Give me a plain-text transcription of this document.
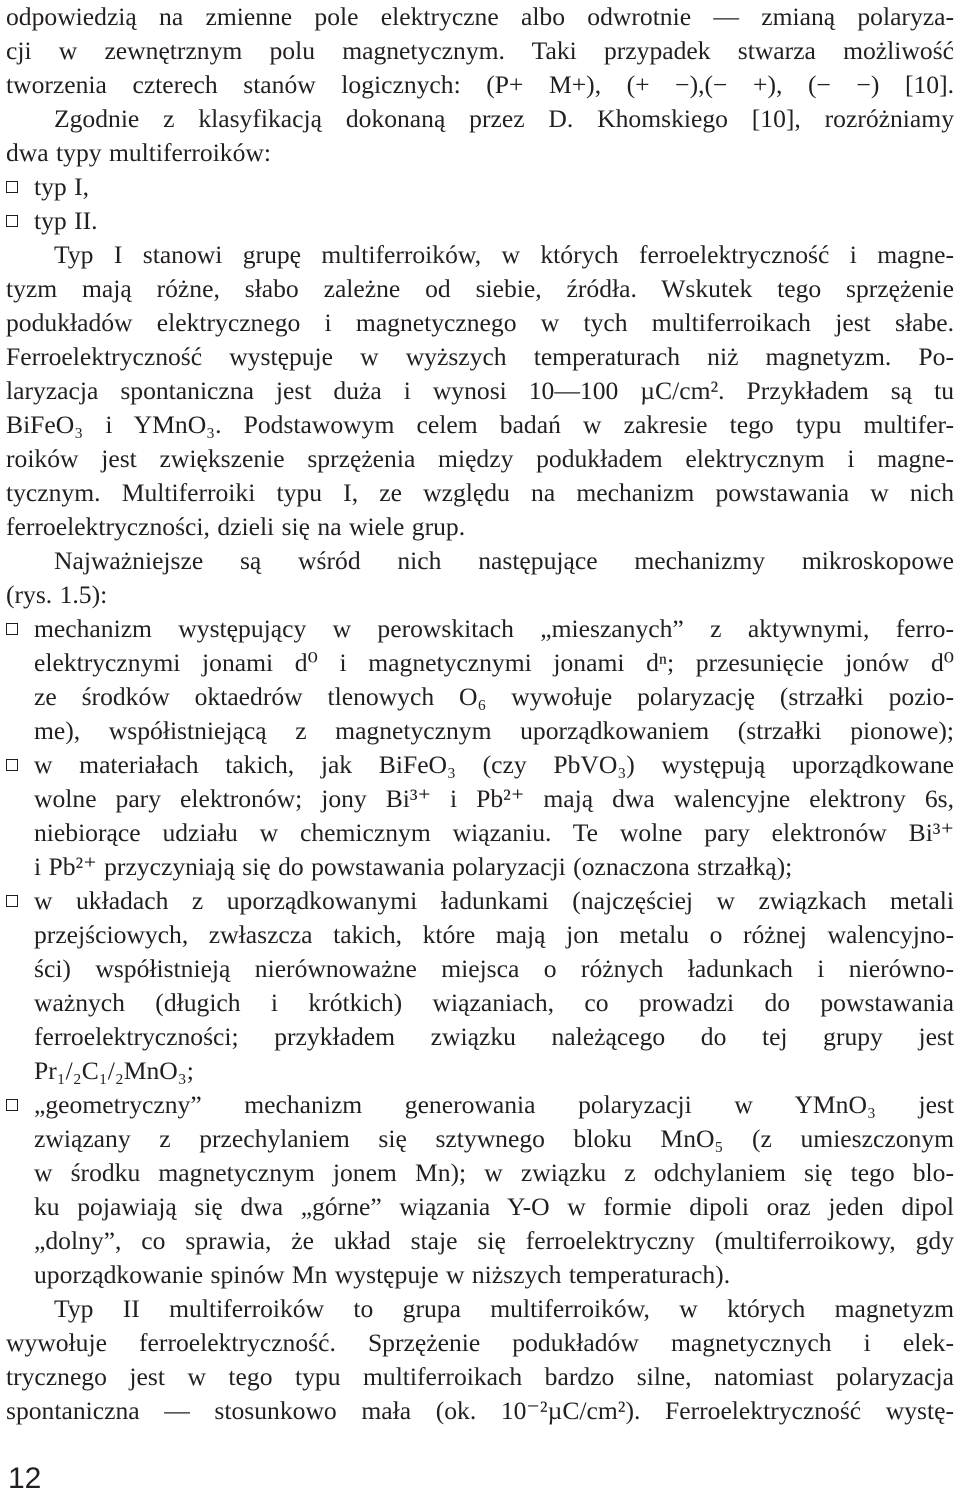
odpowiedzią na zmienne pole elektryczne albo odwrotnie — zmianą polaryza-
cji w zewnętrznym polu magnetycznym. Taki przypadek stwarza możliwość
tworzenia czterech stanów logicznych: (P+ M+), (+ −),(− +), (− −) [10].
Zgodnie z klasyfikacją dokonaną przez D. Khomskiego [10], rozróżniamy
dwa typy multiferroików:
typ I,
typ II.
Typ I stanowi grupę multiferroików, w których ferroelektryczność i magne-
tyzm mają różne, słabo zależne od siebie, źródła. Wskutek tego sprzężenie
podukładów elektrycznego i magnetycznego w tych multiferroikach jest słabe.
Ferroelektryczność występuje w wyższych temperaturach niż magnetyzm. Po-
laryzacja spontaniczna jest duża i wynosi 10—100 µC/cm². Przykładem są tu
BiFeO₃ i YMnO₃. Podstawowym celem badań w zakresie tego typu multifer-
roików jest zwiększenie sprzężenia między podukładem elektrycznym i magne-
tycznym. Multiferroiki typu I, ze względu na mechanizm powstawania w nich
ferroelektryczności, dzieli się na wiele grup.
Najważniejsze są wśród nich następujące mechanizmy mikroskopowe
(rys. 1.5):
mechanizm występujący w perowskitach „mieszanych” z aktywnymi, ferro-
elektrycznymi jonami d⁰ i magnetycznymi jonami dⁿ; przesunięcie jonów d⁰
ze środków oktaedrów tlenowych O₆ wywołuje polaryzację (strzałki pozio-
me), współistniejącą z magnetycznym uporządkowaniem (strzałki pionowe);
w materiałach takich, jak BiFeO₃ (czy PbVO₃) występują uporządkowane
wolne pary elektronów; jony Bi³⁺ i Pb²⁺ mają dwa walencyjne elektrony 6s,
niebiorące udziału w chemicznym wiązaniu. Te wolne pary elektronów Bi³⁺
i Pb²⁺ przyczyniają się do powstawania polaryzacji (oznaczona strzałką);
w układach z uporządkowanymi ładunkami (najczęściej w związkach metali
przejściowych, zwłaszcza takich, które mają jon metalu o różnej walencyjno-
ści) współistnieją nierównoważne miejsca o różnych ładunkach i nierówno-
ważnych (długich i krótkich) wiązaniach, co prowadzi do powstawania
ferroelektryczności; przykładem związku należącego do tej grupy jest
Pr₁/₂C₁/₂MnO₃;
„geometryczny” mechanizm generowania polaryzacji w YMnO₃ jest
związany z przechylaniem się sztywnego bloku MnO₅ (z umieszczonym
w środku magnetycznym jonem Mn); w związku z odchylaniem się tego blo-
ku pojawiają się dwa „górne” wiązania Y-O w formie dipoli oraz jeden dipol
„dolny”, co sprawia, że układ staje się ferroelektryczny (multiferroikowy, gdy
uporządkowanie spinów Mn występuje w niższych temperaturach).
Typ II multiferroików to grupa multiferroików, w których magnetyzm
wywołuje ferroelektryczność. Sprzężenie podukładów magnetycznych i elek-
trycznego jest w tego typu multiferroikach bardzo silne, natomiast polaryzacja
spontaniczna — stosunkowo mała (ok. 10⁻²µC/cm²). Ferroelektryczność wystę-
12
